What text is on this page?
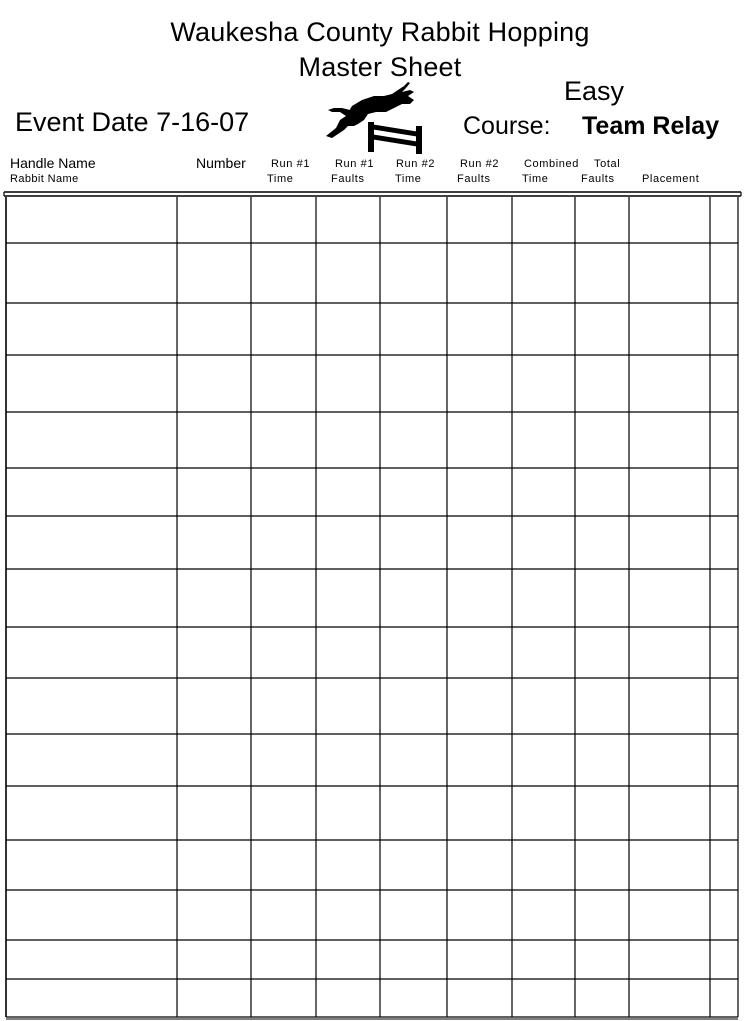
Waukesha County Rabbit Hopping
Master Sheet
Event Date 7-16-07
Easy
Course: Team Relay
Handle Name
Rabbit Name
Number Run #1
Time
Run #1
Faults
Run #2
Time
Run #2
Faults
Combined
Time
Total
Faults Placement
